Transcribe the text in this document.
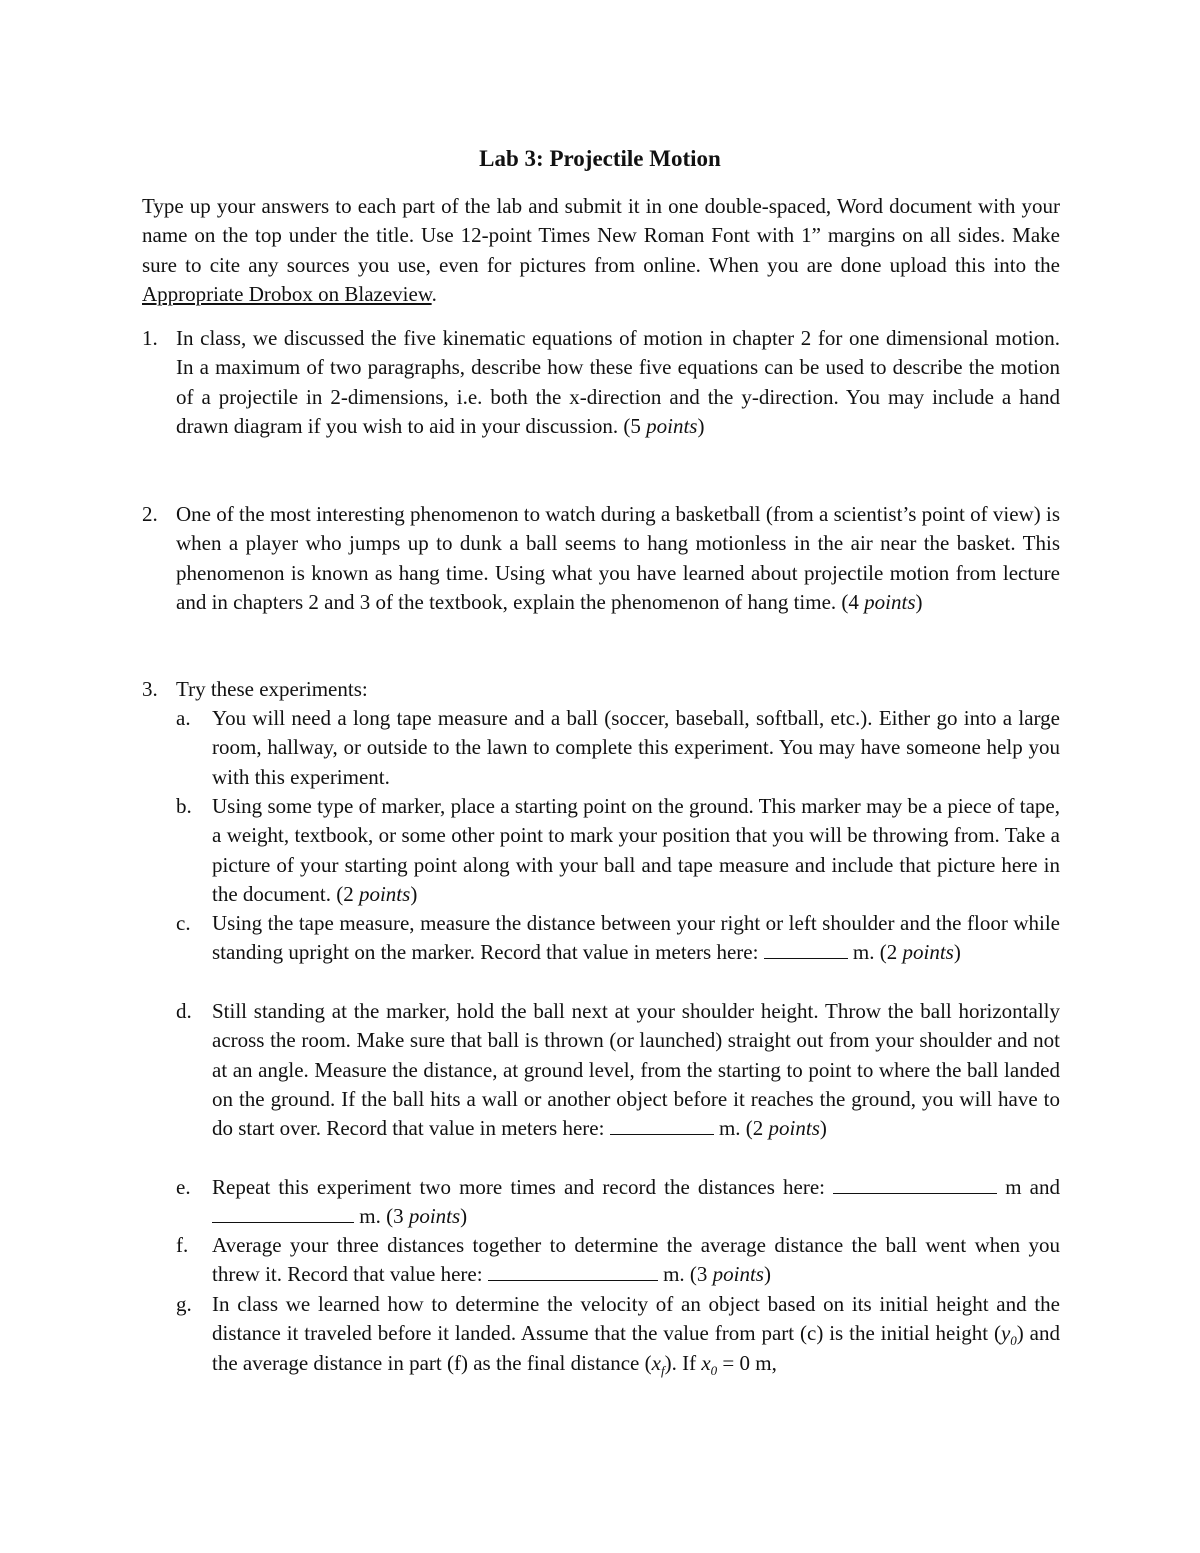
Lab 3: Projectile Motion
Type up your answers to each part of the lab and submit it in one double-spaced, Word document with your name on the top under the title. Use 12-point Times New Roman Font with 1” margins on all sides. Make sure to cite any sources you use, even for pictures from online. When you are done upload this into the Appropriate Drobox on Blazeview.
1. In class, we discussed the five kinematic equations of motion in chapter 2 for one dimensional motion. In a maximum of two paragraphs, describe how these five equations can be used to describe the motion of a projectile in 2-dimensions, i.e. both the x-direction and the y-direction. You may include a hand drawn diagram if you wish to aid in your discussion. (5 points)
2. One of the most interesting phenomenon to watch during a basketball (from a scientist’s point of view) is when a player who jumps up to dunk a ball seems to hang motionless in the air near the basket. This phenomenon is known as hang time. Using what you have learned about projectile motion from lecture and in chapters 2 and 3 of the textbook, explain the phenomenon of hang time. (4 points)
3. Try these experiments:
a.	You will need a long tape measure and a ball (soccer, baseball, softball, etc.). Either go into a large room, hallway, or outside to the lawn to complete this experiment. You may have someone help you with this experiment.
b. Using some type of marker, place a starting point on the ground. This marker may be a piece of tape, a weight, textbook, or some other point to mark your position that you will be throwing from. Take a picture of your starting point along with your ball and tape measure and include that picture here in the document. (2 points)
c.	Using the tape measure, measure the distance between your right or left shoulder and the floor while standing upright on the marker. Record that value in meters here:	m. (2 points)
d. Still standing at the marker, hold the ball next at your shoulder height. Throw the ball horizontally across the room. Make sure that ball is thrown (or launched) straight out from your shoulder and not at an angle. Measure the distance, at ground level, from the starting to point to where the ball landed on the ground. If the ball hits a wall or another object before it reaches the ground, you will have to do start over. Record that value in meters here:	m. (2 points)
e.	Repeat this experiment two more times and record the distances here:	m and  m. (3 points)
f.	Average your three distances together to determine the average distance the ball went when you threw it. Record that value here:	m. (3 points)
g. In class we learned how to determine the velocity of an object based on its initial height and the distance it traveled before it landed. Assume that the value from part (c) is the initial height $(y_0)$ and the average distance in part (f) as the final distance $(x_f)$. If $x_0 = 0$ m,
